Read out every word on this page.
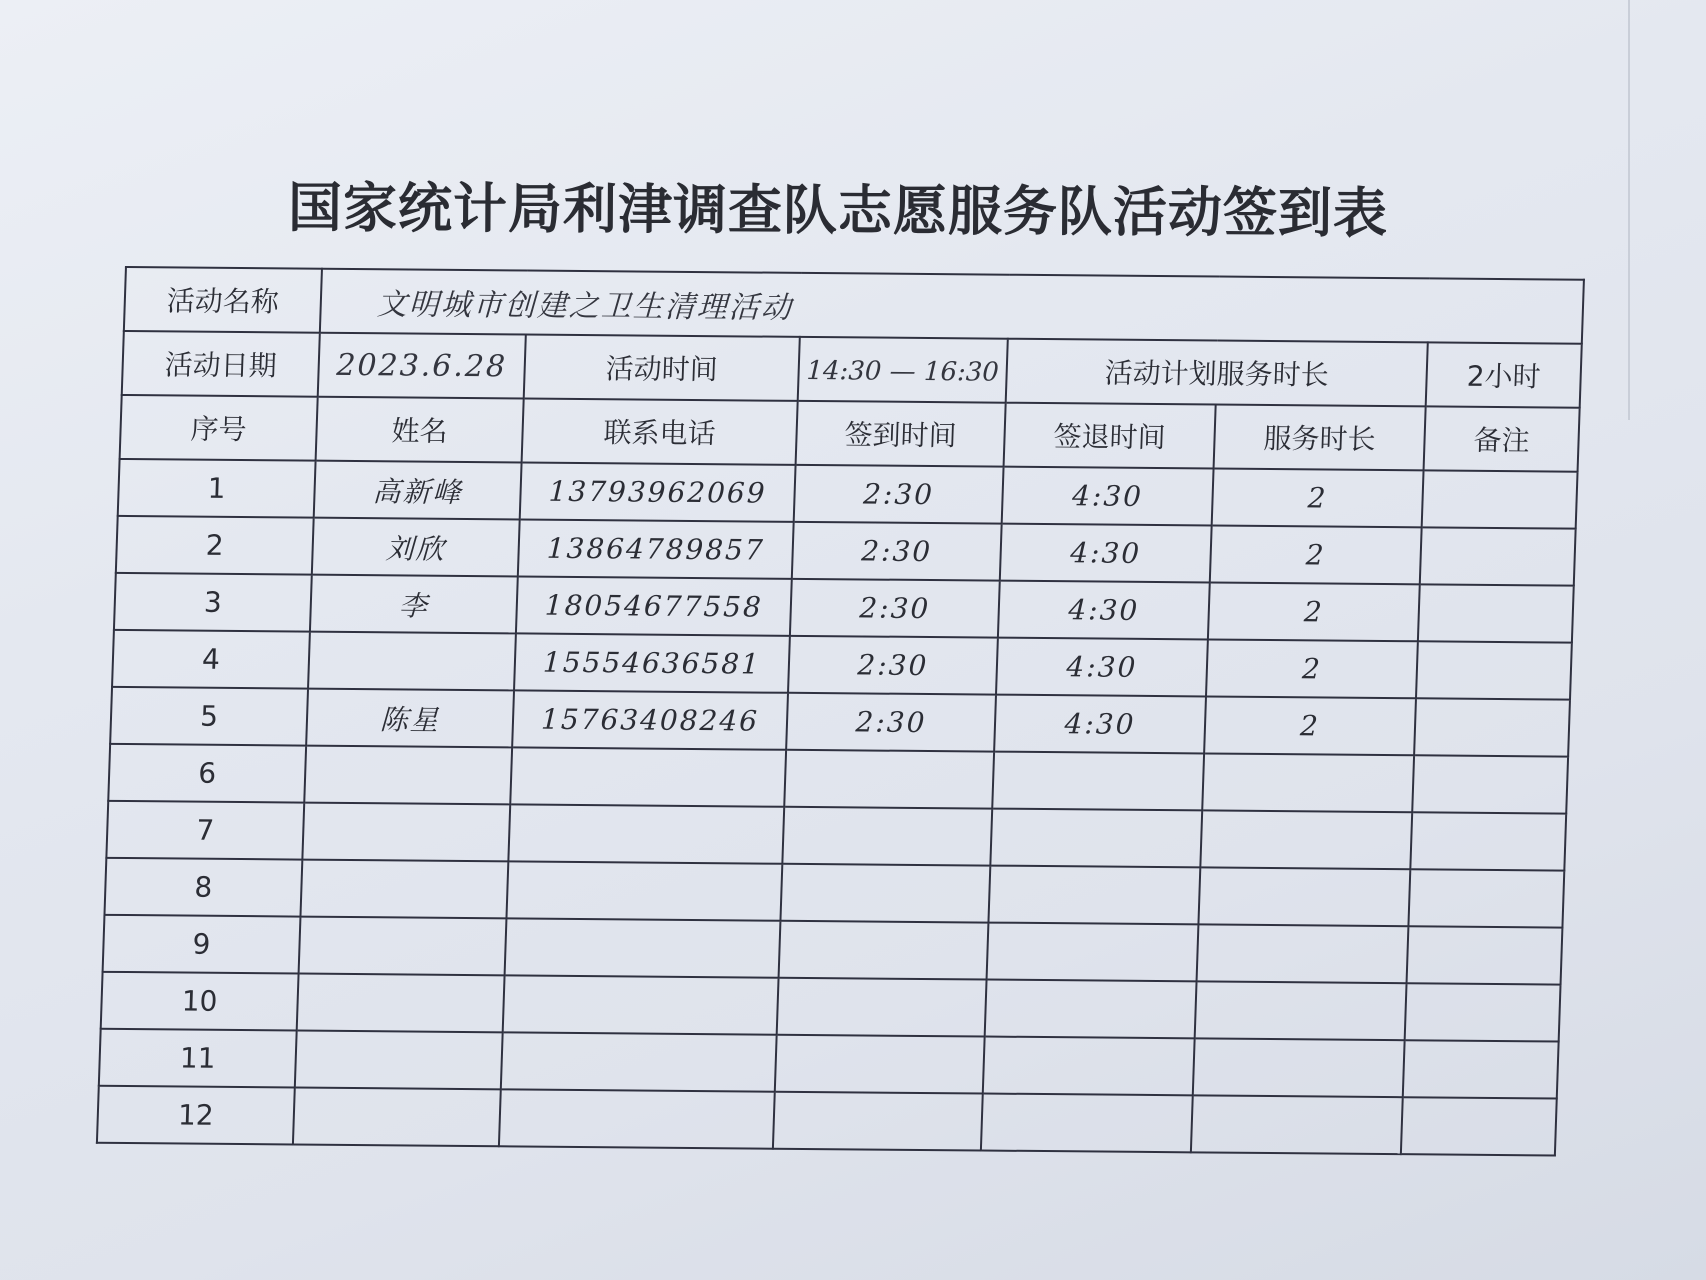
国家统计局利津调查队志愿服务队活动签到表
活动名称	文明城市创建之卫生清理活动					

活动日期	2023.6.28	活动时间	14:30 — 16:30	活动计划服务时长		2小时
序号	姓名	联系电话	签到时间	签退时间	服务时长	备注
1	高新峰	13793962069	2:30	4:30	2	
2	刘欣	13864789857	2:30	4:30	2	
3	李	18054677558	2:30	4:30	2	
4		15554636581	2:30	4:30	2	
5	陈星	15763408246	2:30	4:30	2	
6						
7						
8						
9						
10						
11						
12						
